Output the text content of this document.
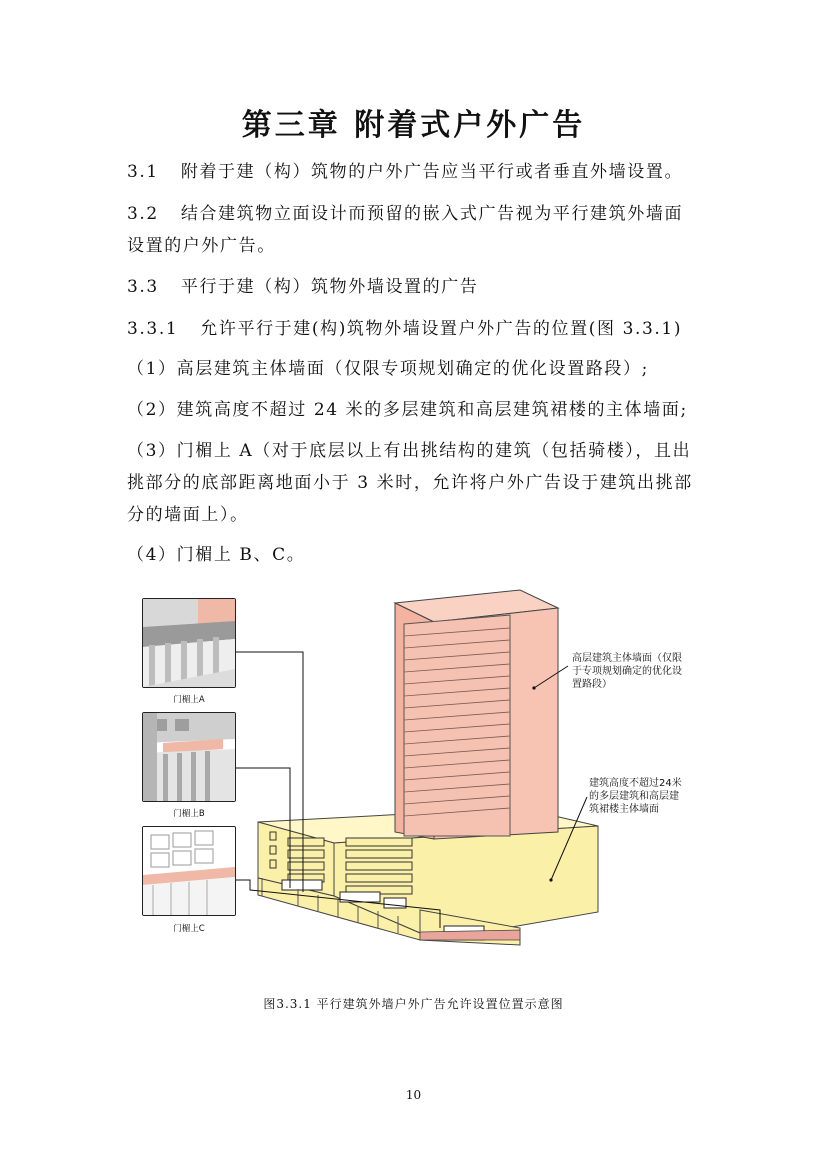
第三章 附着式户外广告
3.1 附着于建（构）筑物的户外广告应当平行或者垂直外墙设置。
3.2 结合建筑物立面设计而预留的嵌入式广告视为平行建筑外墙面
设置的户外广告。
3.3 平行于建（构）筑物外墙设置的广告
3.3.1 允许平行于建(构)筑物外墙设置户外广告的位置(图 3.3.1)
（1）高层建筑主体墙面（仅限专项规划确定的优化设置路段）;
（2）建筑高度不超过 24 米的多层建筑和高层建筑裙楼的主体墙面;
（3）门楣上 A（对于底层以上有出挑结构的建筑（包括骑楼），且出
挑部分的底部距离地面小于 3 米时，允许将户外广告设于建筑出挑部
分的墙面上）。
（4）门楣上 B、C。
门楣上A
门楣上B
门楣上C
高层建筑主体墙面（仅限
于专项规划确定的优化设
置路段）
建筑高度不超过24米
的多层建筑和高层建
筑裙楼主体墙面
图3.3.1 平行建筑外墙户外广告允许设置位置示意图
10
